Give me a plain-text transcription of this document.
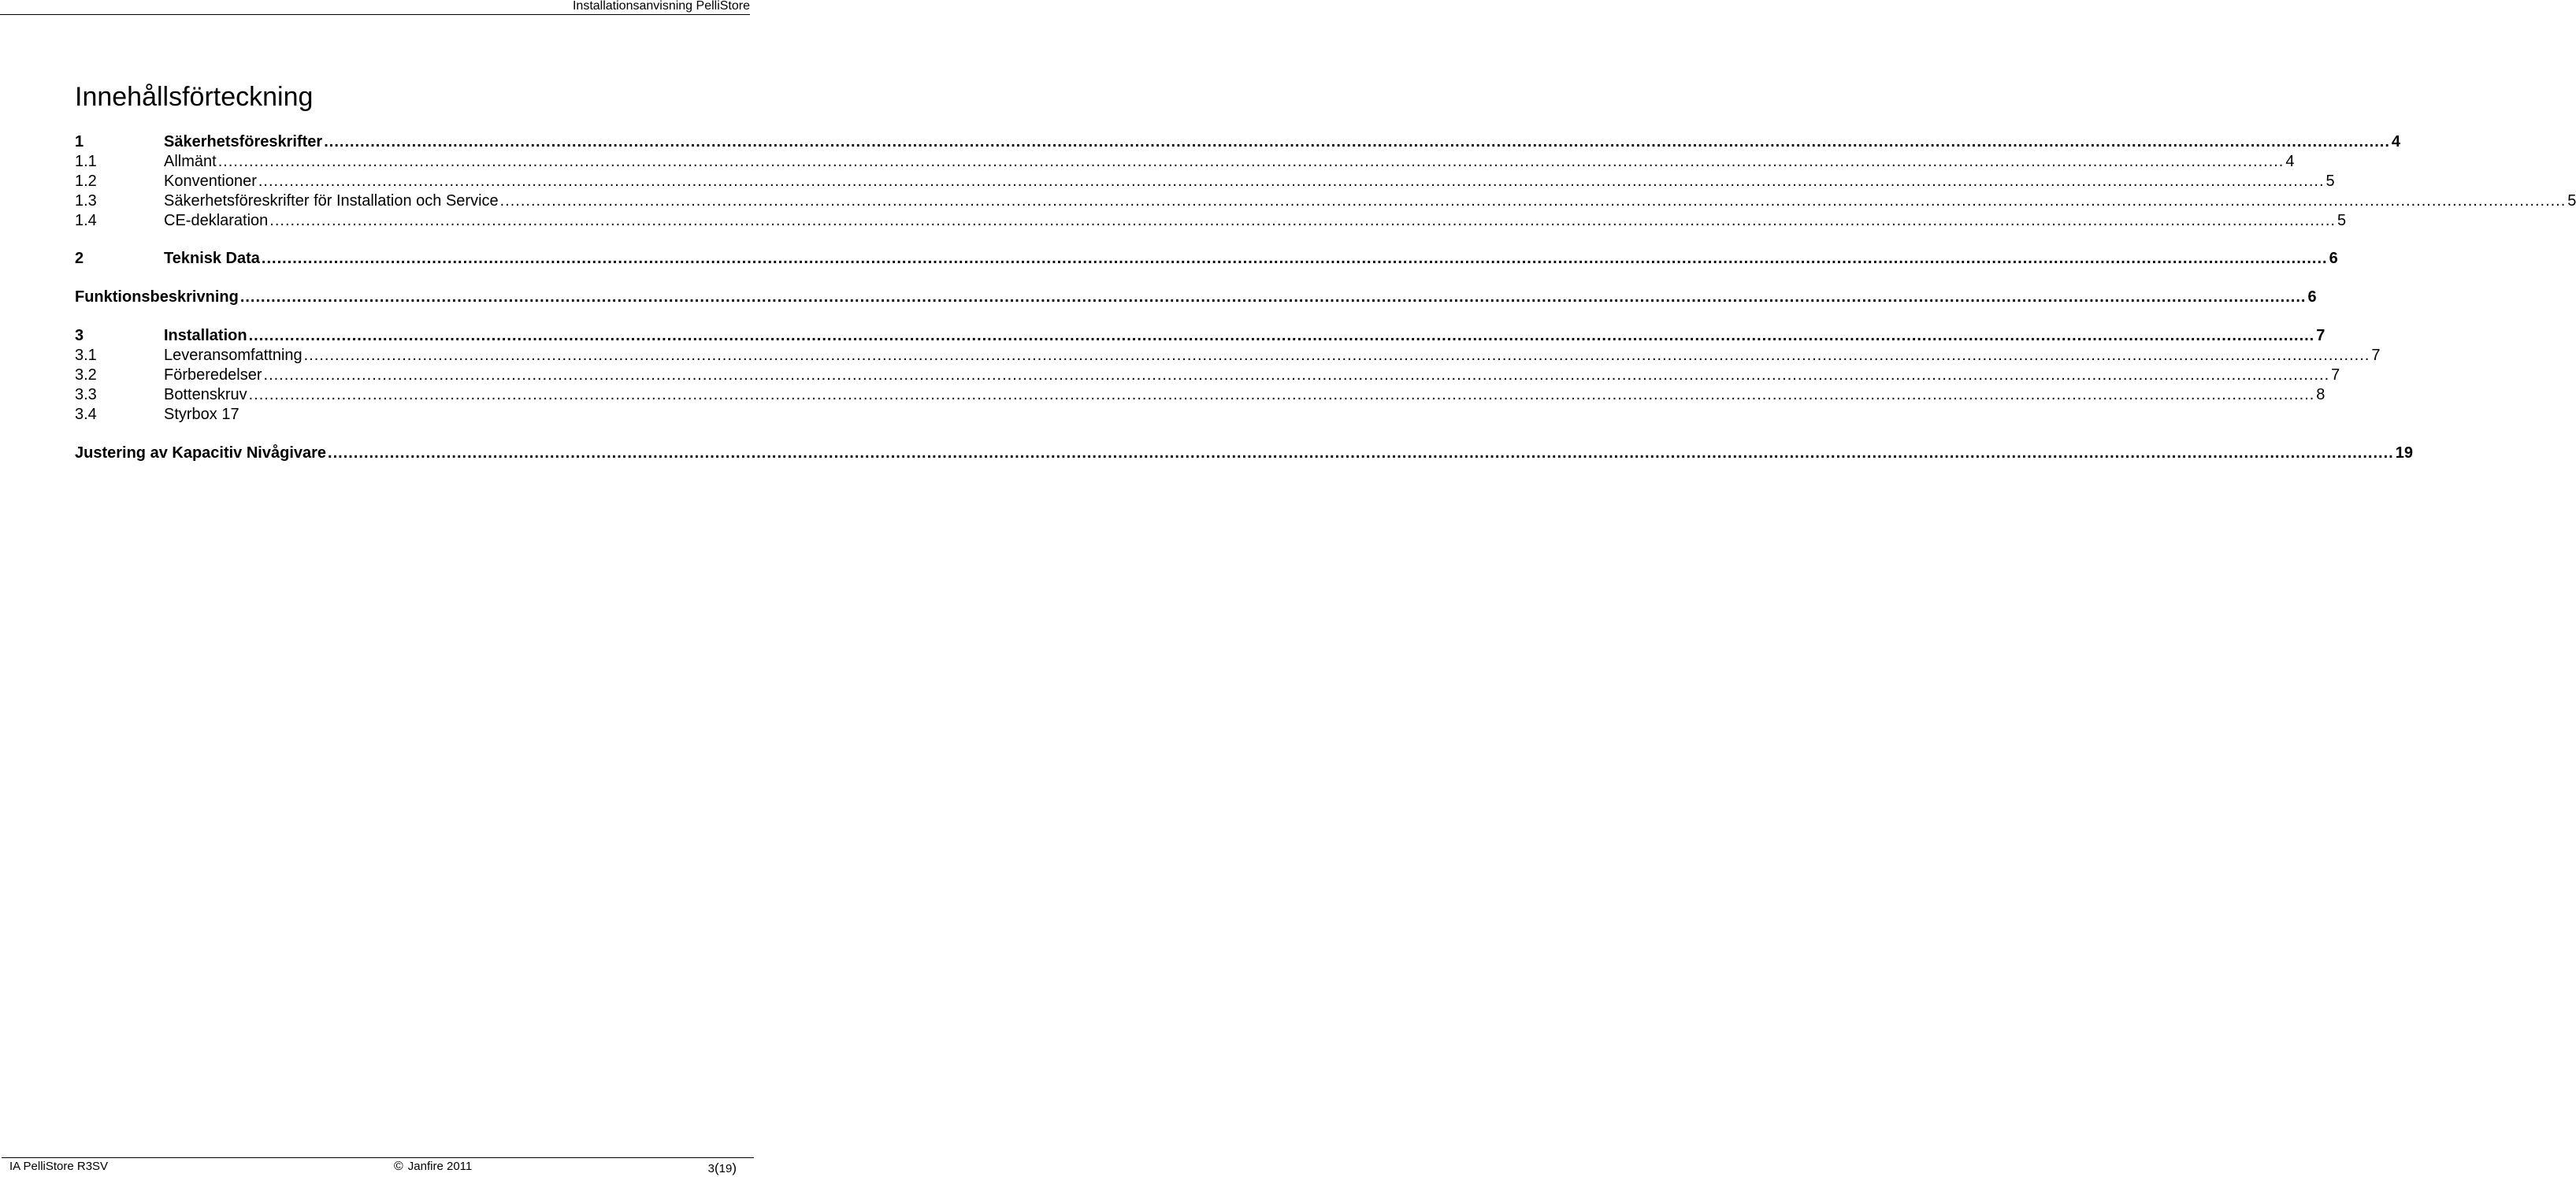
Installationsanvisning PelliStore
Innehållsförteckning
1	Säkerhetsföreskrifter ................................................................................................................................................................................................................................................................................................................................................................................................................ 4
1.1	Allmänt ................................................................................................................................................................................................................................................................................................................................................................................................................ 4
1.2	Konventioner ................................................................................................................................................................................................................................................................................................................................................................................................................ 5
1.3	Säkerhetsföreskrifter för Installation och Service ................................................................................................................................................................................................................................................................................................................................................................................................................ 5
1.4	CE-deklaration ................................................................................................................................................................................................................................................................................................................................................................................................................ 5
2	Teknisk Data ................................................................................................................................................................................................................................................................................................................................................................................................................ 6
Funktionsbeskrivning ................................................................................................................................................................................................................................................................................................................................................................................................................ 6
3	Installation ................................................................................................................................................................................................................................................................................................................................................................................................................ 7
3.1	Leveransomfattning ................................................................................................................................................................................................................................................................................................................................................................................................................ 7
3.2	Förberedelser ................................................................................................................................................................................................................................................................................................................................................................................................................ 7
3.3	Bottenskruv ................................................................................................................................................................................................................................................................................................................................................................................................................ 8
3.4	Styrbox 17
Justering av Kapacitiv Nivågivare ................................................................................................................................................................................................................................................................................................................................................................................................................ 19
IA PelliStore R3SV	© Janfire 2011	3(19)
